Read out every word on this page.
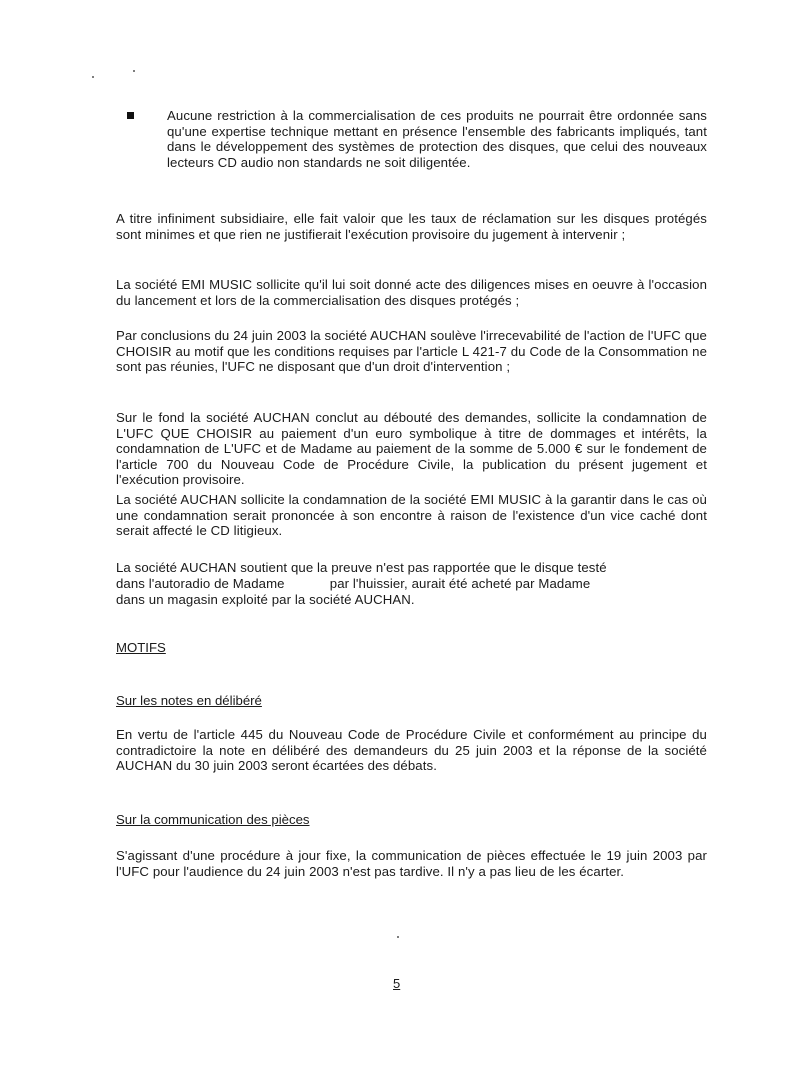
Aucune restriction à la commercialisation de ces produits ne pourrait être ordonnée sans qu'une expertise technique mettant en présence l'ensemble des fabricants impliqués, tant dans le développement des systèmes de protection des disques, que celui des nouveaux lecteurs CD audio non standards ne soit diligentée.

A titre infiniment subsidiaire, elle fait valoir que les taux de réclamation sur les disques protégés sont minimes et que rien ne justifierait l'exécution provisoire du jugement à intervenir ;

La société EMI MUSIC sollicite qu'il lui soit donné acte des diligences mises en oeuvre à l'occasion du lancement et lors de la commercialisation des disques protégés ;

Par conclusions du 24 juin 2003 la société AUCHAN soulève l'irrecevabilité de l'action de l'UFC que CHOISIR au motif que les conditions requises par l'article L 421-7 du Code de la Consommation ne sont pas réunies, l'UFC ne disposant que d'un droit d'intervention ;

Sur le fond la société AUCHAN conclut au débouté des demandes, sollicite la condamnation de L'UFC QUE CHOISIR au paiement d'un euro symbolique à titre de dommages et intérêts, la condamnation de L'UFC et de Madame au paiement de la somme de 5.000 € sur le fondement de l'article 700 du Nouveau Code de Procédure Civile, la publication du présent jugement et l'exécution provisoire.

La société AUCHAN sollicite la condamnation de la société EMI MUSIC à la garantir dans le cas où une condamnation serait prononcée à son encontre à raison de l'existence d'un vice caché dont serait affecté le CD litigieux.

La société AUCHAN soutient que la preuve n'est pas rapportée que le disque testé

dans l'autoradio de Madame            par l'huissier, aurait été acheté par Madame

dans un magasin exploité par la société AUCHAN.

MOTIFS

Sur les notes en délibéré

En vertu de l'article 445 du Nouveau Code de Procédure Civile et conformément au principe du contradictoire la note en délibéré des demandeurs du 25 juin 2003 et la réponse de la société AUCHAN du 30 juin 2003 seront écartées des débats.

Sur la communication des pièces

S'agissant d'une procédure à jour fixe, la communication de pièces effectuée le 19 juin 2003 par l'UFC pour l'audience du 24 juin 2003 n'est pas tardive. Il n'y a pas lieu de les écarter.

5
